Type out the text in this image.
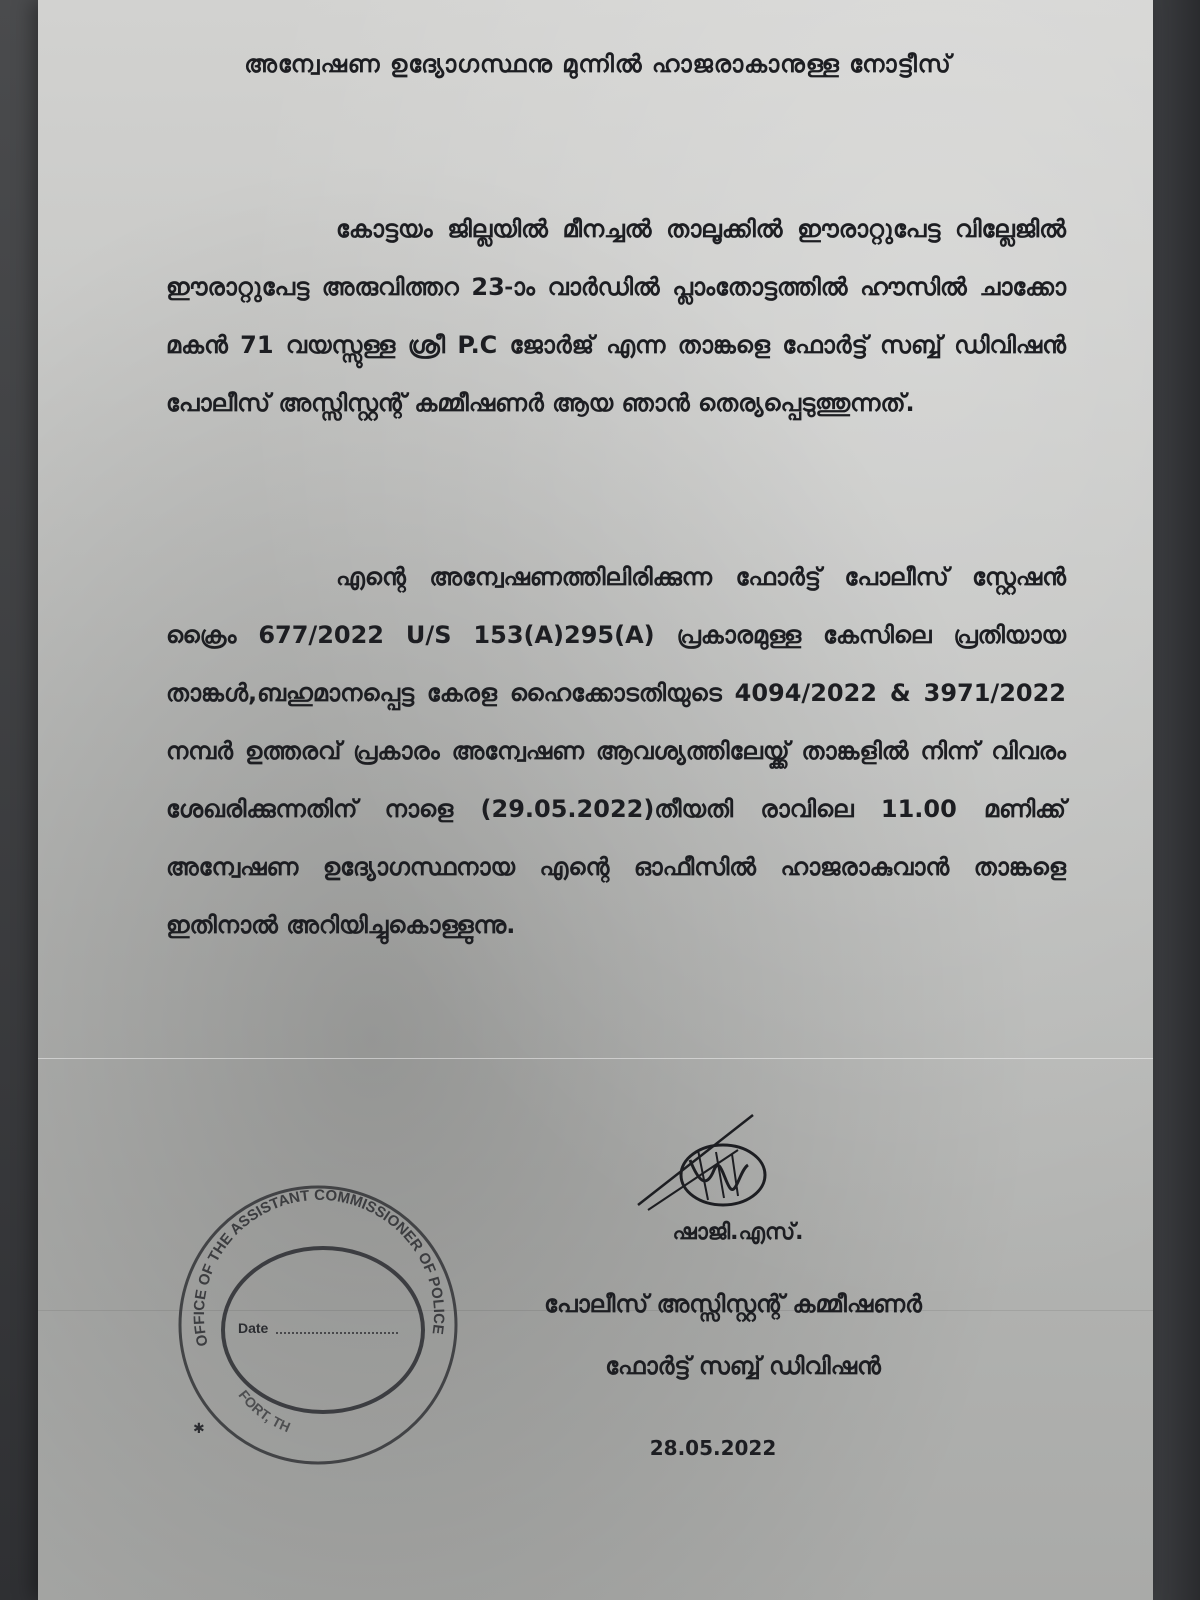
അന്വേഷണ ഉദ്യോഗസ്ഥനു മുന്നിൽ ഹാജരാകാനുള്ള നോട്ടീസ്
കോട്ടയം ജില്ലയിൽ മീനച്ചൽ താലൂക്കിൽ ഈരാറ്റുപേട്ട വില്ലേജിൽ ഈരാറ്റുപേട്ട അരുവിത്തറ 23-ാം വാർഡിൽ പ്ലാംതോട്ടത്തിൽ ഹൗസിൽ ചാക്കോ മകൻ 71 വയസ്സുള്ള ശ്രീ P.C ജോർജ് എന്ന താങ്കളെ ഫോർട്ട് സബ്ബ് ഡിവിഷൻ പോലീസ് അസ്സിസ്റ്റന്റ് കമ്മീഷണർ ആയ ഞാൻ തെര്യപ്പെടുത്തുന്നത്.
എന്റെ അന്വേഷണത്തിലിരിക്കുന്ന ഫോർട്ട് പോലീസ് സ്റ്റേഷൻ ക്രൈം 677/2022 U/S 153(A)295(A) പ്രകാരമുള്ള കേസിലെ പ്രതിയായ താങ്കൾ,ബഹുമാനപ്പെട്ട കേരള ഹൈക്കോടതിയുടെ 4094/2022 & 3971/2022 നമ്പർ ഉത്തരവ് പ്രകാരം അന്വേഷണ ആവശ്യത്തിലേയ്ക്ക് താങ്കളിൽ നിന്ന് വിവരം ശേഖരിക്കുന്നതിന് നാളെ (29.05.2022)തീയതി രാവിലെ 11.00 മണിക്ക് അന്വേഷണ ഉദ്യോഗസ്ഥനായ എന്റെ ഓഫീസിൽ ഹാജരാകുവാൻ താങ്കളെ ഇതിനാൽ അറിയിച്ചുകൊള്ളുന്നു.
OFFICE OF THE ASSISTANT COMMISSIONER OF POLICE
FORT, TH
Date
✱
ഷാജി.എസ്.
പോലീസ് അസ്സിസ്റ്റന്റ് കമ്മീഷണർ
ഫോർട്ട് സബ്ബ് ഡിവിഷൻ
28.05.2022
